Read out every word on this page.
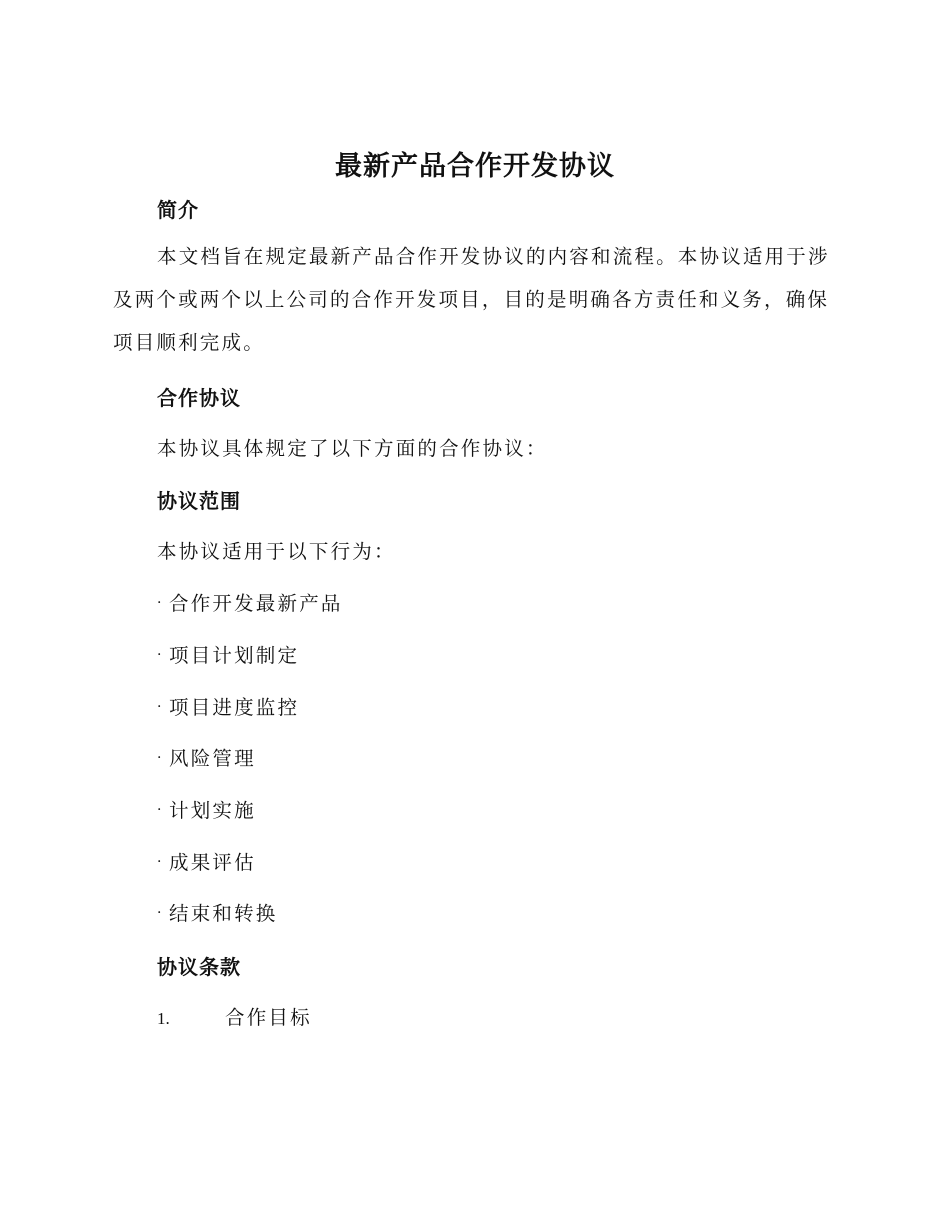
最新产品合作开发协议
简介

本文档旨在规定最新产品合作开发协议的内容和流程。本协议适用于涉及两个或两个以上公司的合作开发项目，目的是明确各方责任和义务，确保项目顺利完成。

合作协议
本协议具体规定了以下方面的合作协议：
协议范围
本协议适用于以下行为：
· 合作开发最新产品
· 项目计划制定
· 项目进度监控
· 风险管理
· 计划实施
· 成果评估
· 结束和转换
协议条款
1.	合作目标
